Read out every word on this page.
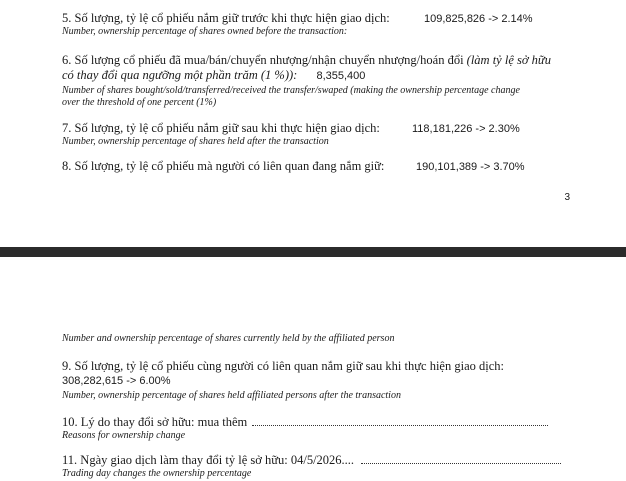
5. Số lượng, tỷ lệ cổ phiếu nắm giữ trước khi thực hiện giao dịch:	109,825,826 -> 2.14%
Number, ownership percentage of shares owned before the transaction:
6. Số lượng cổ phiếu đã mua/bán/chuyển nhượng/nhận chuyển nhượng/hoán đổi (làm tỷ lệ sở hữu
có thay đổi qua ngưỡng một phần trăm (1 %)): 8,355,400
Number of shares bought/sold/transferred/received the transfer/swaped (making the ownership percentage change
over the threshold of one percent (1%)
7. Số lượng, tỷ lệ cổ phiếu nắm giữ sau khi thực hiện giao dịch:	118,181,226 -> 2.30%
Number, ownership percentage of shares held after the transaction
8. Số lượng, tỷ lệ cổ phiếu mà người có liên quan đang nắm giữ:	190,101,389 -> 3.70%
3
Number and ownership percentage of shares currently held by the affiliated person
9. Số lượng, tỷ lệ cổ phiếu cùng người có liên quan nắm giữ sau khi thực hiện giao dịch:
308,282,615 -> 6.00%
Number, ownership percentage of shares held affiliated persons after the transaction
10. Lý do thay đổi sở hữu: mua thêm
Reasons for ownership change
11. Ngày giao dịch làm thay đổi tỷ lệ sở hữu: 04/5/2026....
Trading day changes the ownership percentage
